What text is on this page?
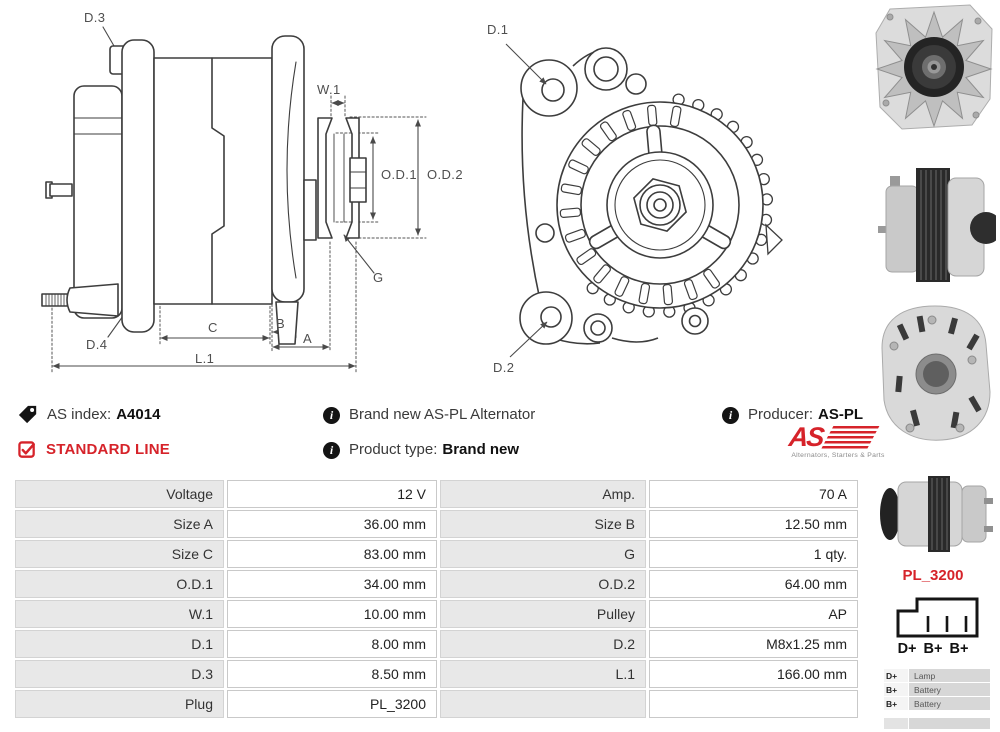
D.3
W.1
O.D.1 O.D.2
G
D.4
C	B
A
L.1
D.1
D.2
AS index: A4014	i	Brand new AS-PL Alternator	i	Producer: AS-PL
STANDARD LINE	i	Product type: Brand new	AS
Alternators, Starters & Parts
Voltage	12 V	Amp.	70 A
Size A	36.00 mm	Size B	12.50 mm
Size C	83.00 mm	G	1 qty.
O.D.1	34.00 mm	O.D.2	64.00 mm
W.1	10.00 mm	Pulley	AP
D.1	8.00 mm	D.2	M8x1.25 mm
D.3	8.50 mm	L.1	166.00 mm
Plug	PL_3200
PL_3200
D+ B+ B+
D+	Lamp
B+	Battery
B+	Battery
